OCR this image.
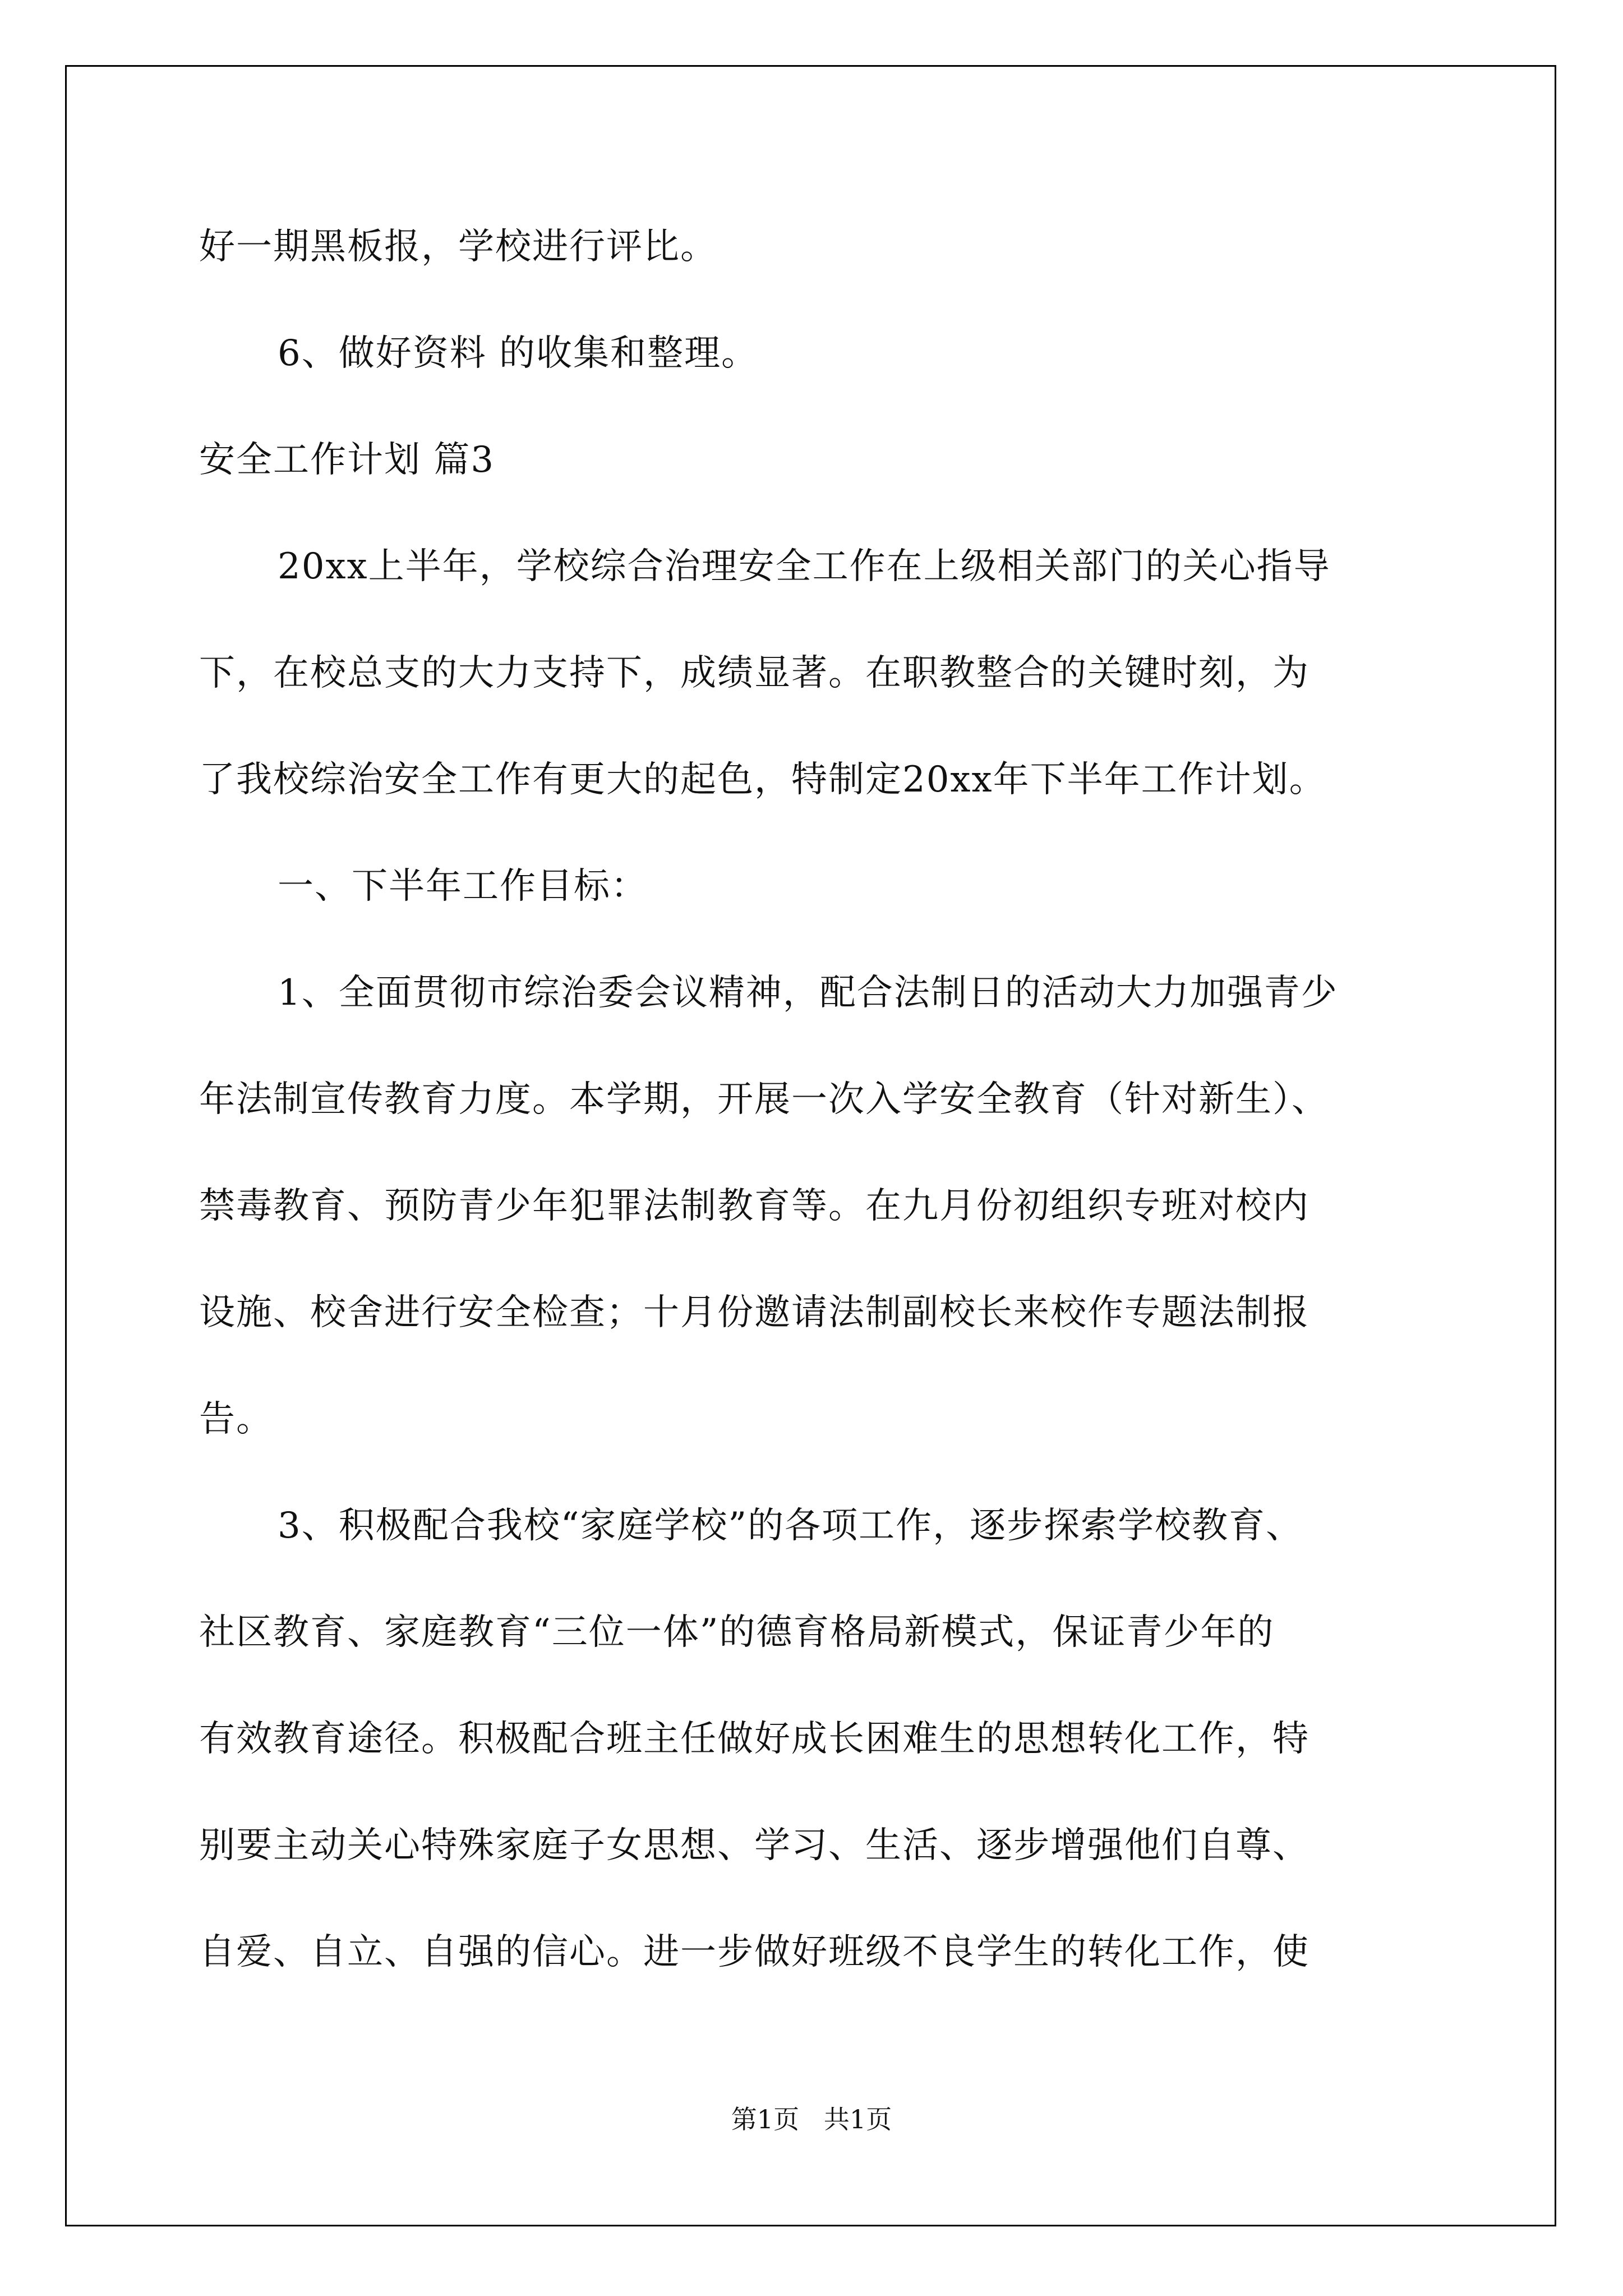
好一期黑板报，学校进行评比。
6、做好资料 的收集和整理。
安全工作计划 篇3
20xx上半年，学校综合治理安全工作在上级相关部门的关心指导
下，在校总支的大力支持下，成绩显著。在职教整合的关键时刻，为
了我校综治安全工作有更大的起色，特制定20xx年下半年工作计划。
一、下半年工作目标：
1、全面贯彻市综治委会议精神，配合法制日的活动大力加强青少
年法制宣传教育力度。本学期，开展一次入学安全教育（针对新生）、
禁毒教育、预防青少年犯罪法制教育等。在九月份初组织专班对校内
设施、校舍进行安全检查；十月份邀请法制副校长来校作专题法制报
告。
3、积极配合我校“家庭学校”的各项工作，逐步探索学校教育、
社区教育、家庭教育“三位一体”的德育格局新模式，保证青少年的
有效教育途径。积极配合班主任做好成长困难生的思想转化工作，特
别要主动关心特殊家庭子女思想、学习、生活、逐步增强他们自尊、
自爱、自立、自强的信心。进一步做好班级不良学生的转化工作，使
第1页   共1页
